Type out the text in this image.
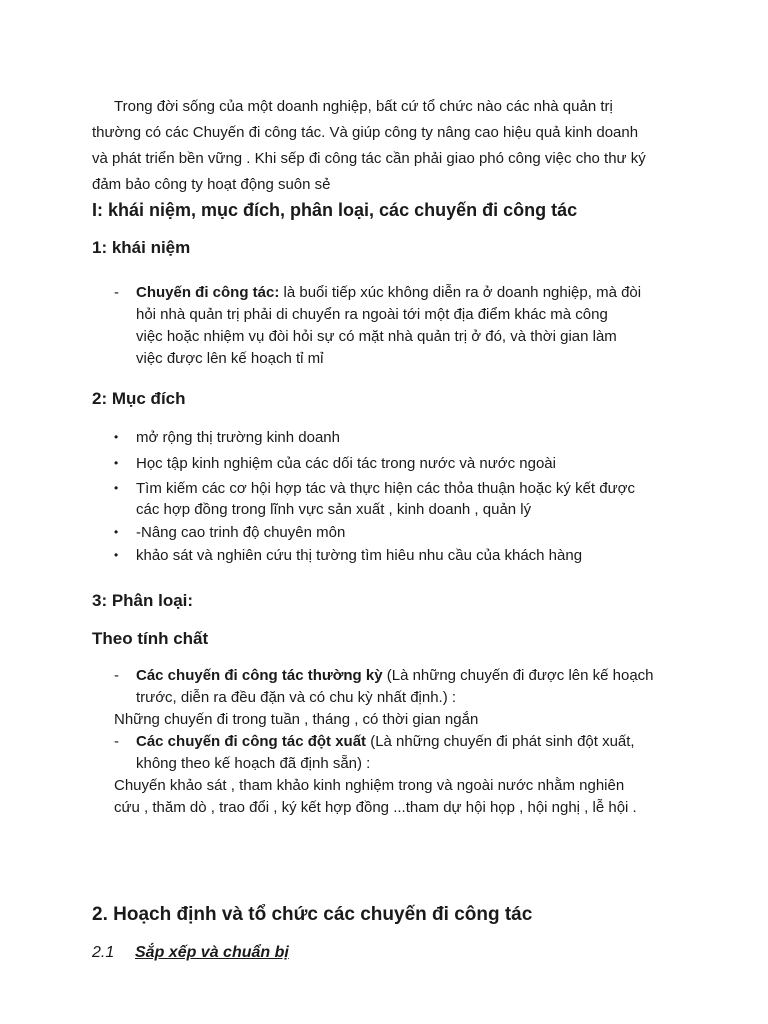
Trong đời sống của một doanh nghiệp, bất cứ tổ chức nào các nhà quản trị
thường có các Chuyến đi công tác. Và giúp công ty nâng cao hiệu quả kinh doanh
và phát triển bền vững . Khi sếp đi công tác cần phải giao phó công việc cho thư ký
đảm bảo công ty hoạt động suôn sẻ
I: khái niệm, mục đích, phân loại, các chuyến đi công tác
1: khái niệm
- Chuyến đi công tác: là buổi tiếp xúc không diễn ra ở doanh nghiệp, mà đòi
hỏi nhà quản trị phải di chuyển ra ngoài tới một địa điểm khác mà công
việc hoặc nhiệm vụ đòi hỏi sự có mặt nhà quản trị ở đó, và thời gian làm
việc được lên kế hoạch tỉ mỉ
2: Mục đích
• mở rộng thị trường kinh doanh
• Học tập kinh nghiệm của các dối tác trong nước và nước ngoài
• Tìm kiếm các cơ hội hợp tác và thực hiện các thỏa thuận hoặc ký kết được
các hợp đồng trong lĩnh vực sản xuất , kinh doanh , quản lý
• -Nâng cao trinh độ chuyên môn
• khảo sát và nghiên cứu thị tường tìm hiêu nhu cầu của khách hàng
3: Phân loại:
Theo tính chất
- Các chuyến đi công tác thường kỳ (Là những chuyến đi được lên kế hoạch
trước, diễn ra đều đặn và có chu kỳ nhất định.) :
Những chuyến đi trong tuần , tháng , có thời gian ngắn
- Các chuyến đi công tác đột xuất (Là những chuyến đi phát sinh đột xuất,
không theo kế hoạch đã định sẵn) :
Chuyến khảo sát , tham khảo kinh nghiệm trong và ngoài nước nhằm nghiên
cứu , thăm dò , trao đổi , ký kết hợp đồng ...tham dự hội họp , hội nghị , lễ hội .
2. Hoạch định và tổ chức các chuyến đi công tác
2.1 Sắp xếp và chuẩn bị
